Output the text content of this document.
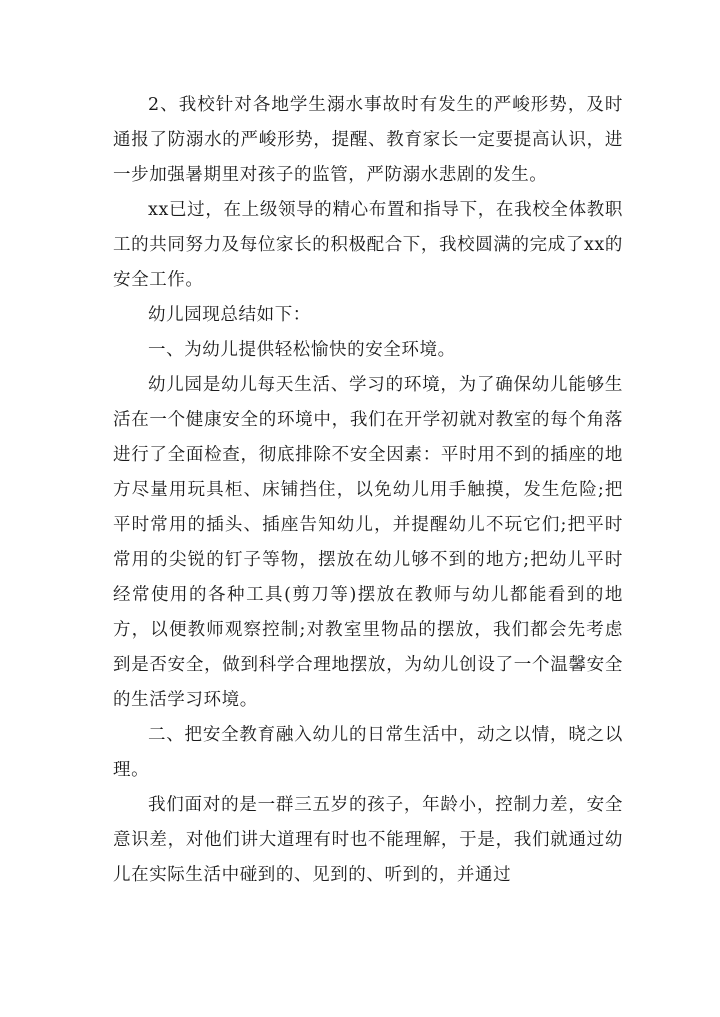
2、我校针对各地学生溺水事故时有发生的严峻形势，及时通报了防溺水的严峻形势，提醒、教育家长一定要提高认识，进一步加强暑期里对孩子的监管，严防溺水悲剧的发生。

xx已过，在上级领导的精心布置和指导下，在我校全体教职工的共同努力及每位家长的积极配合下，我校圆满的完成了xx的安全工作。

幼儿园现总结如下：

一、为幼儿提供轻松愉快的安全环境。

幼儿园是幼儿每天生活、学习的环境，为了确保幼儿能够生活在一个健康安全的环境中，我们在开学初就对教室的每个角落进行了全面检查，彻底排除不安全因素：平时用不到的插座的地方尽量用玩具柜、床铺挡住，以免幼儿用手触摸，发生危险;把平时常用的插头、插座告知幼儿，并提醒幼儿不玩它们;把平时常用的尖锐的钉子等物，摆放在幼儿够不到的地方;把幼儿平时经常使用的各种工具(剪刀等)摆放在教师与幼儿都能看到的地方，以便教师观察控制;对教室里物品的摆放，我们都会先考虑到是否安全，做到科学合理地摆放，为幼儿创设了一个温馨安全的生活学习环境。

二、把安全教育融入幼儿的日常生活中，动之以情，晓之以理。

我们面对的是一群三五岁的孩子，年龄小，控制力差，安全意识差，对他们讲大道理有时也不能理解，于是，我们就通过幼儿在实际生活中碰到的、见到的、听到的，并通过
